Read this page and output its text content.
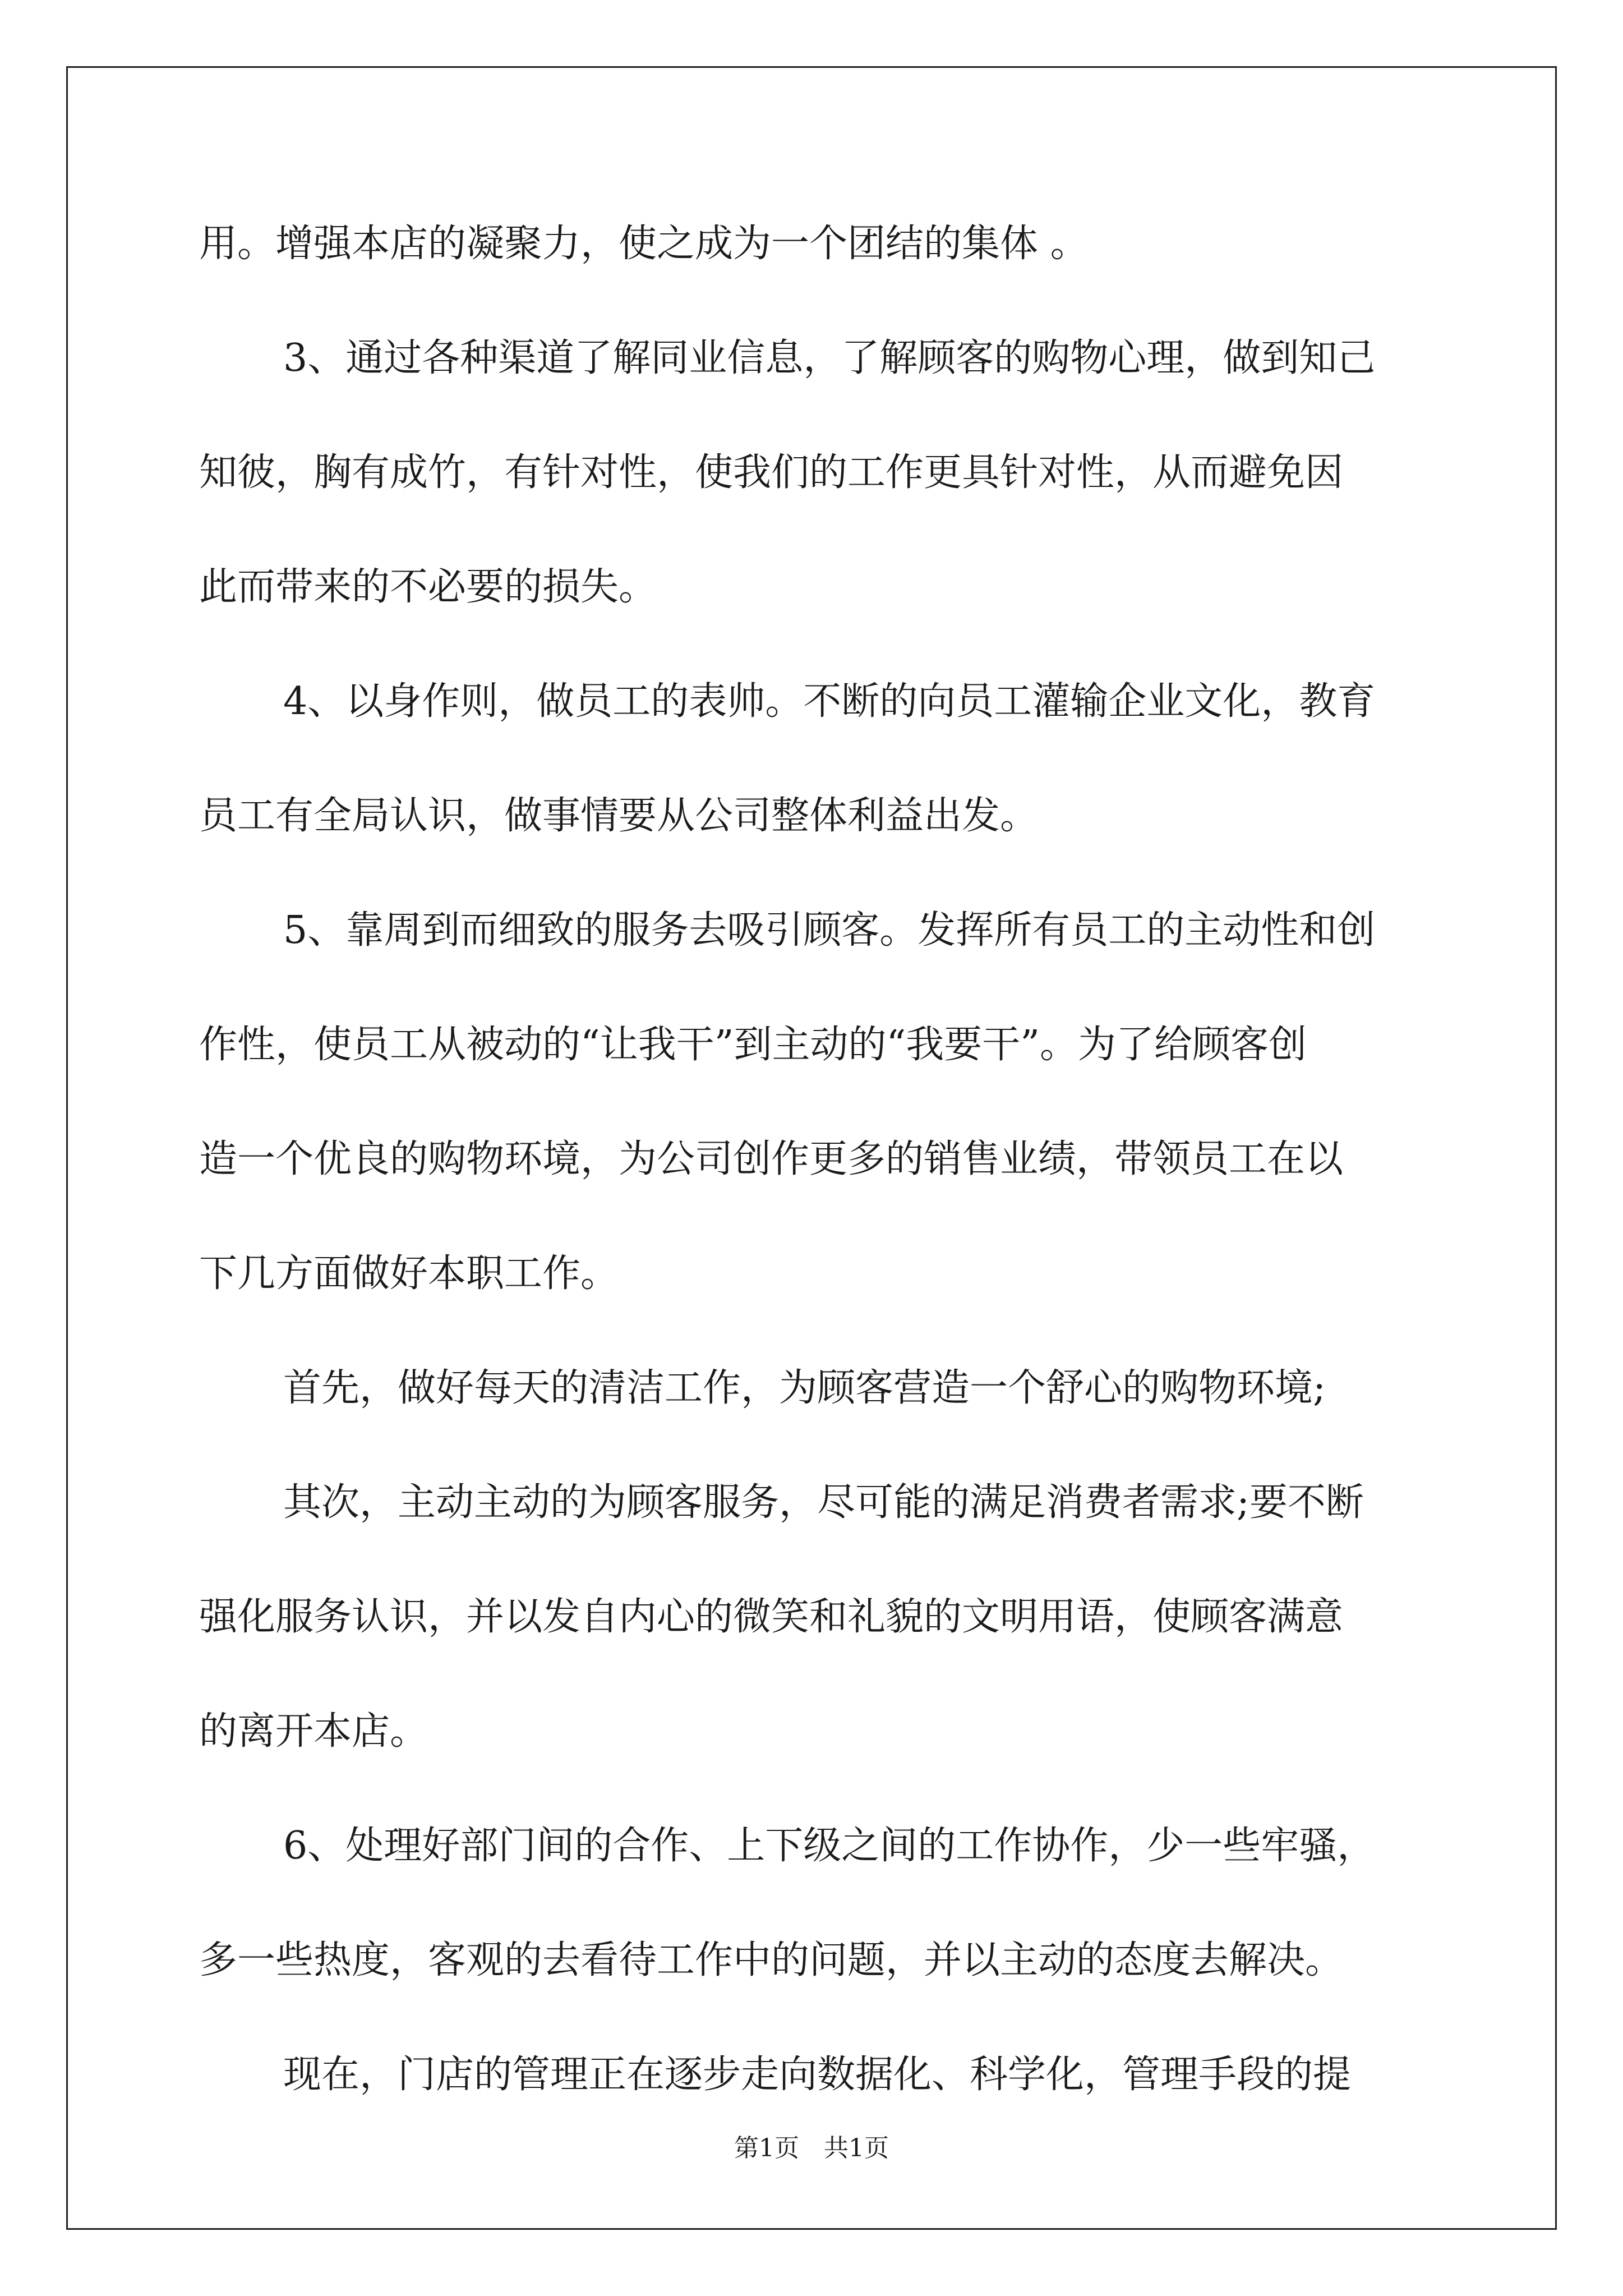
用。增强本店的凝聚力，使之成为一个团结的集体 。
3、通过各种渠道了解同业信息，了解顾客的购物心理，做到知己
知彼，胸有成竹，有针对性，使我们的工作更具针对性，从而避免因
此而带来的不必要的损失。
4、以身作则，做员工的表帅。不断的向员工灌输企业文化，教育
员工有全局认识，做事情要从公司整体利益出发。
5、靠周到而细致的服务去吸引顾客。发挥所有员工的主动性和创
作性，使员工从被动的“让我干”到主动的“我要干”。为了给顾客创
造一个优良的购物环境，为公司创作更多的销售业绩，带领员工在以
下几方面做好本职工作。
首先，做好每天的清洁工作，为顾客营造一个舒心的购物环境;
其次，主动主动的为顾客服务，尽可能的满足消费者需求;要不断
强化服务认识，并以发自内心的微笑和礼貌的文明用语，使顾客满意
的离开本店。
6、处理好部门间的合作、上下级之间的工作协作，少一些牢骚，
多一些热度，客观的去看待工作中的问题，并以主动的态度去解决。
现在，门店的管理正在逐步走向数据化、科学化，管理手段的提
第1页　共1页
